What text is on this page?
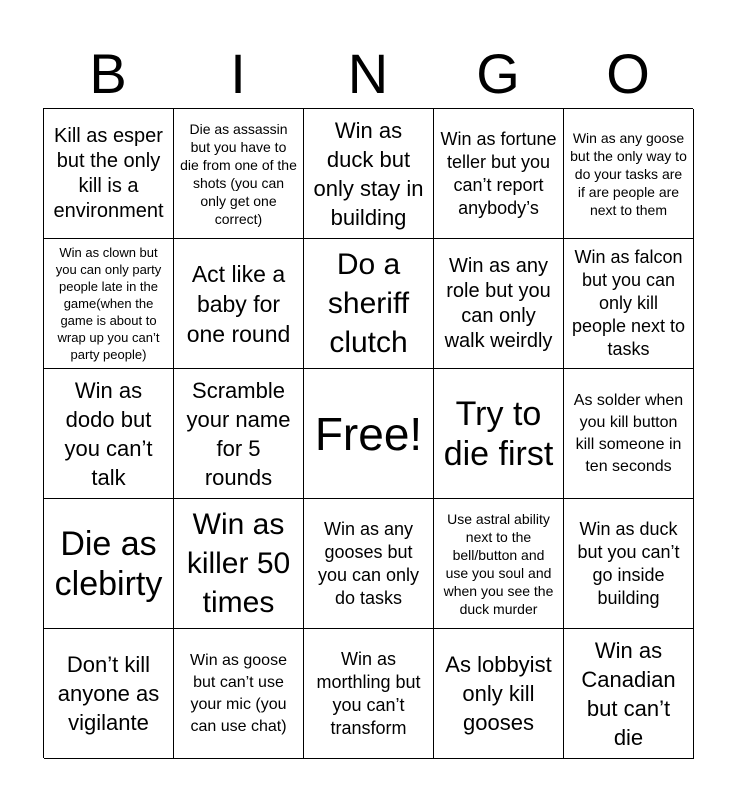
B	I	N	G	O
Kill as esper but the only kill is a environment
Die as assassin but you have to die from one of the shots (you can only get one correct)
Win as duck but only stay in building
Win as fortune teller but you can’t report anybody’s
Win as any goose but the only way to do your tasks are if are people are next to them
Win as clown but you can only party people late in the game(when the game is about to wrap up you can’t party people)
Act like a baby for one round
Do a sheriff clutch
Win as any role but you can only walk weirdly
Win as falcon but you can only kill people next to tasks
Win as dodo but you can’t talk
Scramble your name for 5 rounds
Free! Try to die first
As solder when you kill button kill someone in ten seconds
Die as clebirty
Win as killer 50 times
Win as any gooses but you can only do tasks
Use astral ability next to the bell/button and use you soul and when you see the duck murder
Win as duck but you can’t go inside building
Don’t kill anyone as vigilante
Win as goose but can’t use your mic (you can use chat)
Win as morthling but you can’t transform
As lobbyist only kill gooses
Win as Canadian but can’t die
